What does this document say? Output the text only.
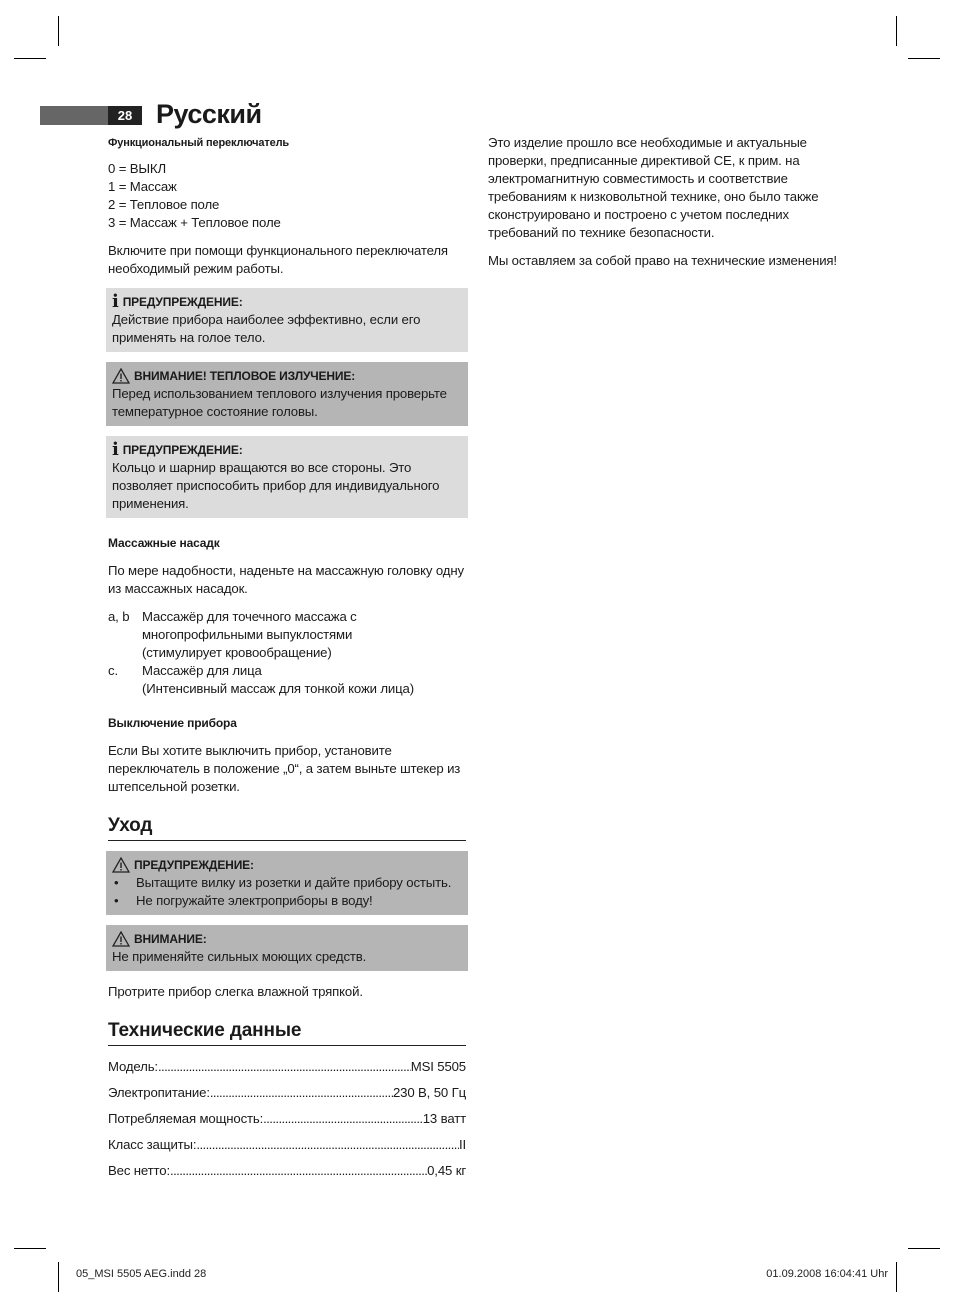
28 Русский
Функциональный переключатель
0 = ВЫКЛ
1 = Массаж
2 = Тепловое поле
3 = Массаж + Тепловое поле

Включите при помощи функционального переключателя необходимый режим работы.

i ПРЕДУПРЕЖДЕНИЕ :

Действие прибора наиболее эффективно, если его применять на голое тело.

ВНИМАНИЕ! ТЕПЛОВОЕ ИЗЛУЧЕНИЕ :

Перед использованием теплового излучения проверьте температурное состояние головы.

i ПРЕДУПРЕЖДЕНИЕ :

Кольцо и шарнир вращаются во все стороны. Это позволяет приспособить прибор для индивидуального применения.

Массажные насадк

По мере надобности, наденьте на массажную головку одну из массажных насадок.

a, b Массажёр для точечного массажа с
многопрофильными выпуклостями
(стимулирует кровообращение)
c.	Массажёр для лица
(Интенсивный массаж для тонкой кожи лица)
Выключение прибора

Если Вы хотите выключить прибор, установите переключатель в положение „0“, а затем выньте штекер из штепсельной розетки.

Уход
ПРЕДУПРЕЖДЕНИЕ :
•	Вытащите вилку из розетки и дайте прибору остыть.
•	Не погружайте электроприборы в воду!
ВНИМАНИЕ :

Не применяйте сильных моющих средств.

Протрите прибор слегка влажной тряпкой.

Технические данные
Модель: .....	MSI 5505
Электропитание: .....	230 В, 50 Гц
Потребляемая мощность: .....	13 ватт
Класс защиты: .....	II
Вес нетто: .....	0,45 кг

Это изделие прошло все необходимые и актуальные проверки, предписанные директивой CE, к прим. на электромагнитную совместимость и соответствие требованиям к низковольтной технике, оно было также сконструировано и построено с учетом последних требований по технике безопасности.

Мы оставляем за собой право на технические изменения!

05_MSI 5505 AEG.indd 28	01.09.2008 16:04:41 Uhr
